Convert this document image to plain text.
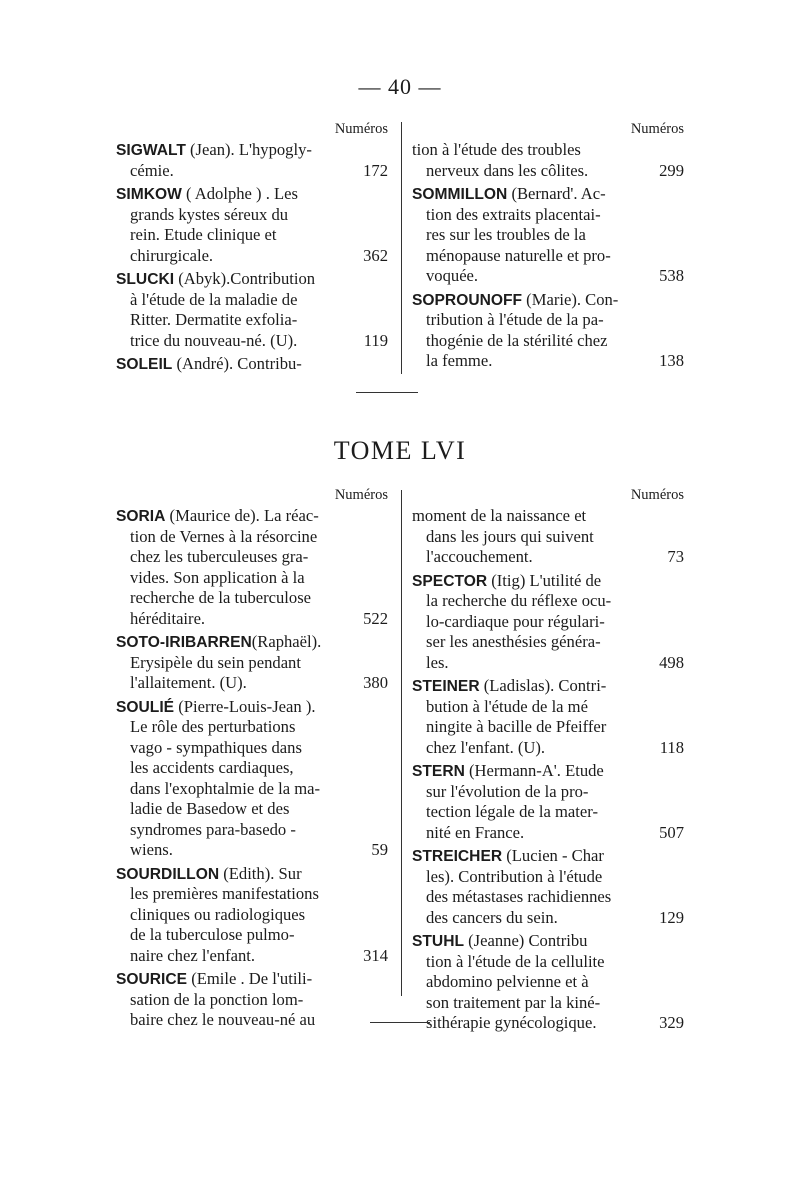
— 40 —
Numéros
SIGWALT (Jean). L'hypogly-
cémie.	172
SIMKOW ( Adolphe ) . Les
grands kystes séreux du
rein. Etude clinique et
chirurgicale.	362
SLUCKI (Abyk).Contribution
à l'étude de la maladie de
Ritter. Dermatite exfolia-
trice du nouveau-né. (U).	119
SOLEIL (André). Contribu-
Numéros
tion à l'étude des troubles
nerveux dans les côlites.	299
SOMMILLON (Bernard'. Ac-
tion des extraits placentai-
res sur les troubles de la
ménopause naturelle et pro-
voquée.	538
SOPROUNOFF (Marie). Con-
tribution à l'étude de la pa-
thogénie de la stérilité chez
la femme.	138
TOME LVI
Numéros
SORIA (Maurice de). La réac-
tion de Vernes à la résorcine
chez les tuberculeuses gra-
vides. Son application à la
recherche de la tuberculose
héréditaire.	522
SOTO-IRIBARREN(Raphaël).
Erysipèle du sein pendant
l'allaitement. (U).	380
SOULIÉ (Pierre-Louis-Jean ).
Le rôle des perturbations
vago - sympathiques dans
les accidents cardiaques,
dans l'exophtalmie de la ma-
ladie de Basedow et des
syndromes para-basedo -
wiens.	59
SOURDILLON (Edith). Sur
les premières manifestations
cliniques ou radiologiques
de la tuberculose pulmo-
naire chez l'enfant.	314
SOURICE (Emile . De l'utili-
sation de la ponction lom-
baire chez le nouveau-né au
Numéros
moment de la naissance et
dans les jours qui suivent
l'accouchement.	73
SPECTOR (Itig) L'utilité de
la recherche du réflexe ocu-
lo-cardiaque pour régulari-
ser les anesthésies généra-
les.	498
STEINER (Ladislas). Contri-
bution à l'étude de la mé
ningite à bacille de Pfeiffer
chez l'enfant. (U).	118
STERN (Hermann-A'. Etude
sur l'évolution de la pro-
tection légale de la mater-
nité en France.	507
STREICHER (Lucien - Char
les). Contribution à l'étude
des métastases rachidiennes
des cancers du sein.	129
STUHL (Jeanne) Contribu
tion à l'étude de la cellulite
abdomino pelvienne et à
son traitement par la kiné-
sithérapie gynécologique.	329
